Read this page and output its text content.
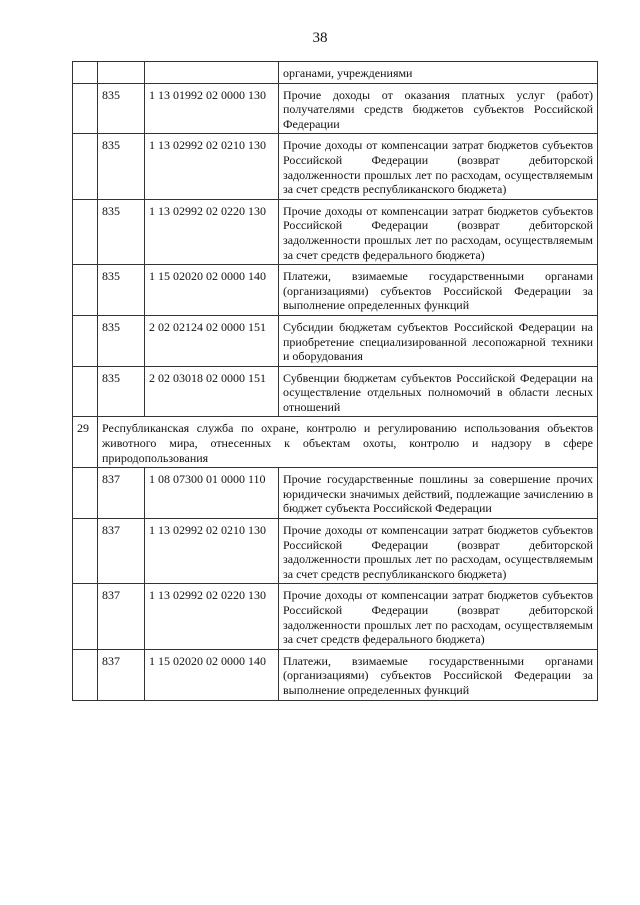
38
			органами, учреждениями
	835	1 13 01992 02 0000 130	Прочие доходы от оказания платных услуг (работ) получателями средств бюджетов субъектов Российской Федерации
	835	1 13 02992 02 0210 130	Прочие доходы от компенсации затрат бюджетов субъектов Российской Федерации (возврат дебиторской задолженности прошлых лет по расходам, осуществляемым за счет средств республиканского бюджета)
	835	1 13 02992 02 0220 130	Прочие доходы от компенсации затрат бюджетов субъектов Российской Федерации (возврат дебиторской задолженности прошлых лет по расходам, осуществляемым за счет средств федерального бюджета)
	835	1 15 02020 02 0000 140	Платежи, взимаемые государственными органами (организациями) субъектов Российской Федерации за выполнение определенных функций
	835	2 02 02124 02 0000 151	Субсидии бюджетам субъектов Российской Федерации на приобретение специализированной лесопожарной техники и оборудования
	835	2 02 03018 02 0000 151	Субвенции бюджетам субъектов Российской Федерации на осуществление отдельных полномочий в области лесных отношений
29	Республиканская служба по охране, контролю и регулированию использования объектов животного мира, отнесенных к объектам охоты, контролю и надзору в сфере природопользования		
	837	1 08 07300 01 0000 110	Прочие государственные пошлины за совершение прочих юридически значимых действий, подлежащие зачислению в бюджет субъекта Российской Федерации
	837	1 13 02992 02 0210 130	Прочие доходы от компенсации затрат бюджетов субъектов Российской Федерации (возврат дебиторской задолженности прошлых лет по расходам, осуществляемым за счет средств республиканского бюджета)
	837	1 13 02992 02 0220 130	Прочие доходы от компенсации затрат бюджетов субъектов Российской Федерации (возврат дебиторской задолженности прошлых лет по расходам, осуществляемым за счет средств федерального бюджета)
	837	1 15 02020 02 0000 140	Платежи, взимаемые государственными органами (организациями) субъектов Российской Федерации за выполнение определенных функций
